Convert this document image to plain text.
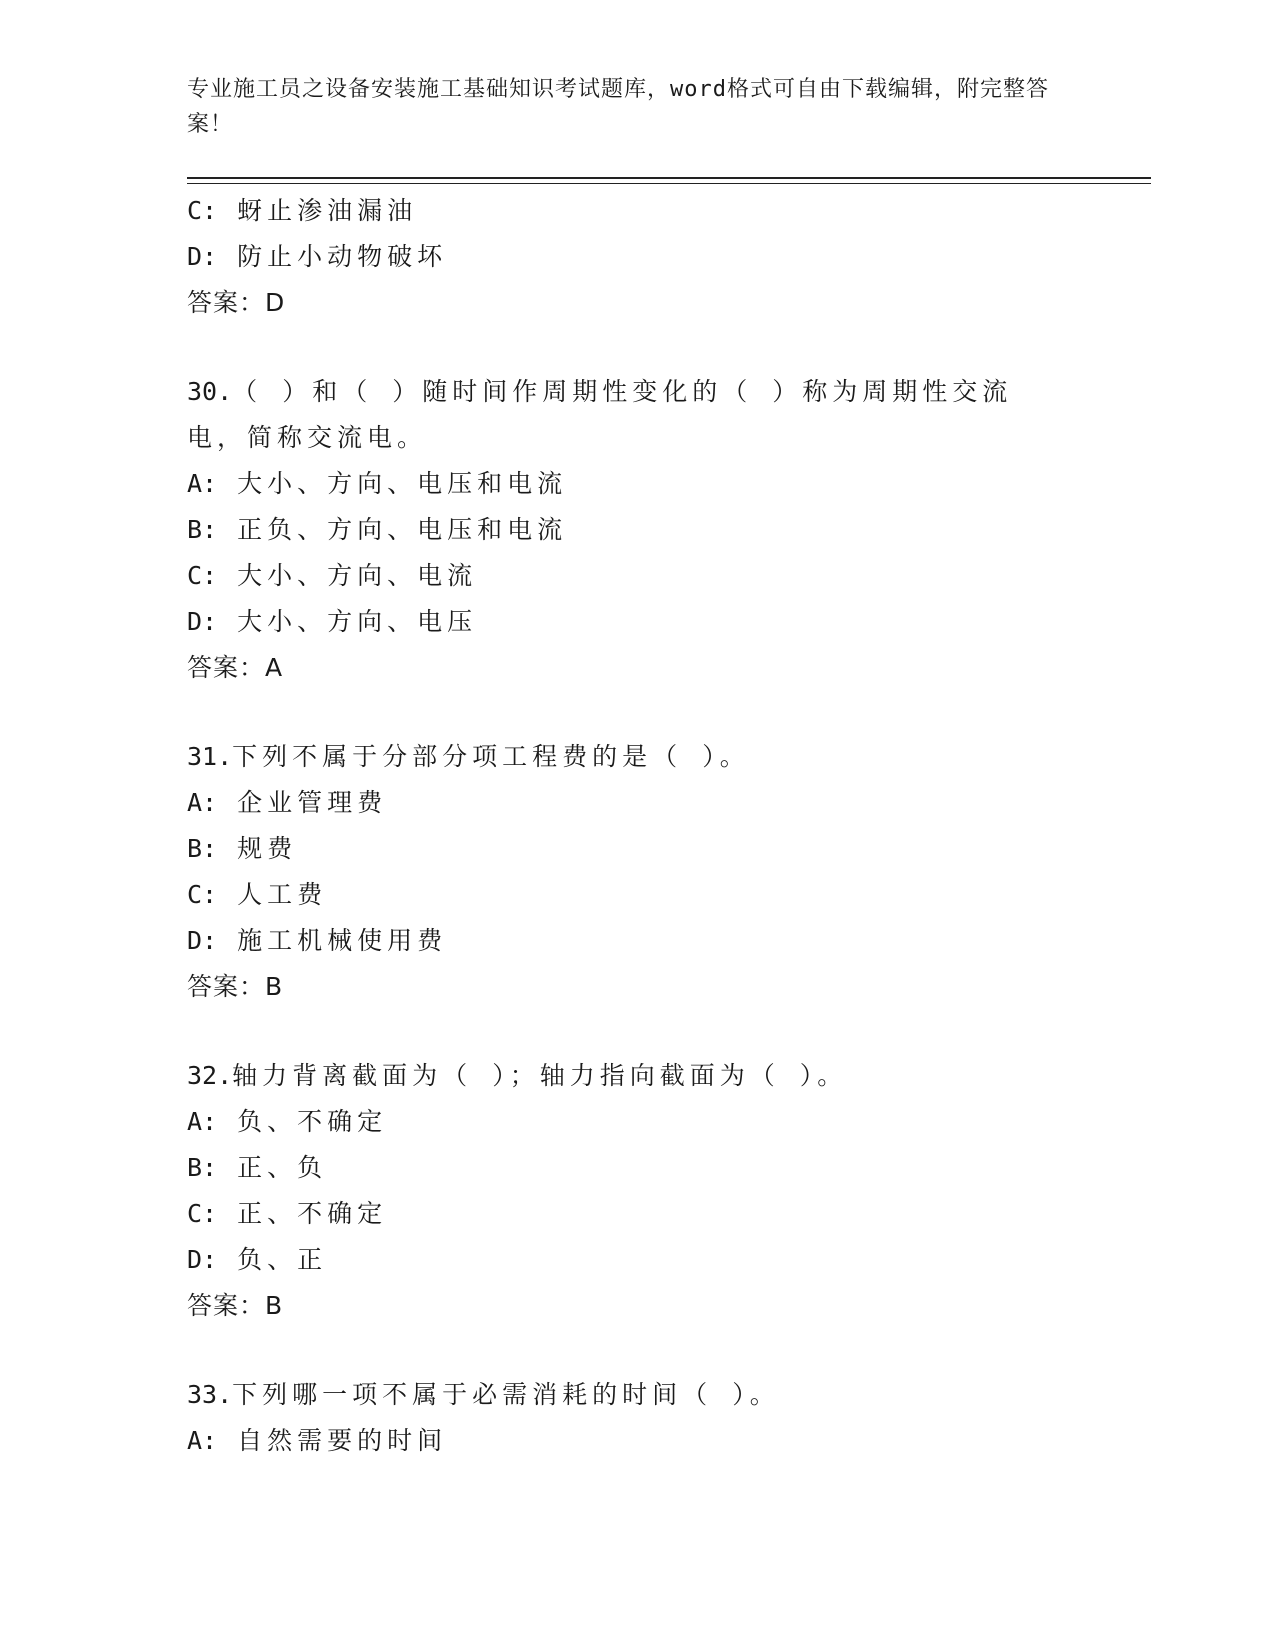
专业施工员之设备安装施工基础知识考试题库，word格式可自由下载编辑，附完整答案！
C: 蚜止渗油漏油
D: 防止小动物破坏
答案：D
30.（ ）和（ ）随时间作周期性变化的（ ）称为周期性交流电，简称交流电。
A: 大小、方向、电压和电流
B: 正负、方向、电压和电流
C: 大小、方向、电流
D: 大小、方向、电压
答案：A
31.下列不属于分部分项工程费的是（ ）。
A: 企业管理费
B: 规费
C: 人工费
D: 施工机械使用费
答案：B
32.轴力背离截面为（ ）；轴力指向截面为（ ）。
A: 负、不确定
B: 正、负
C: 正、不确定
D: 负、正
答案：B
33.下列哪一项不属于必需消耗的时间（ ）。
A: 自然需要的时间
